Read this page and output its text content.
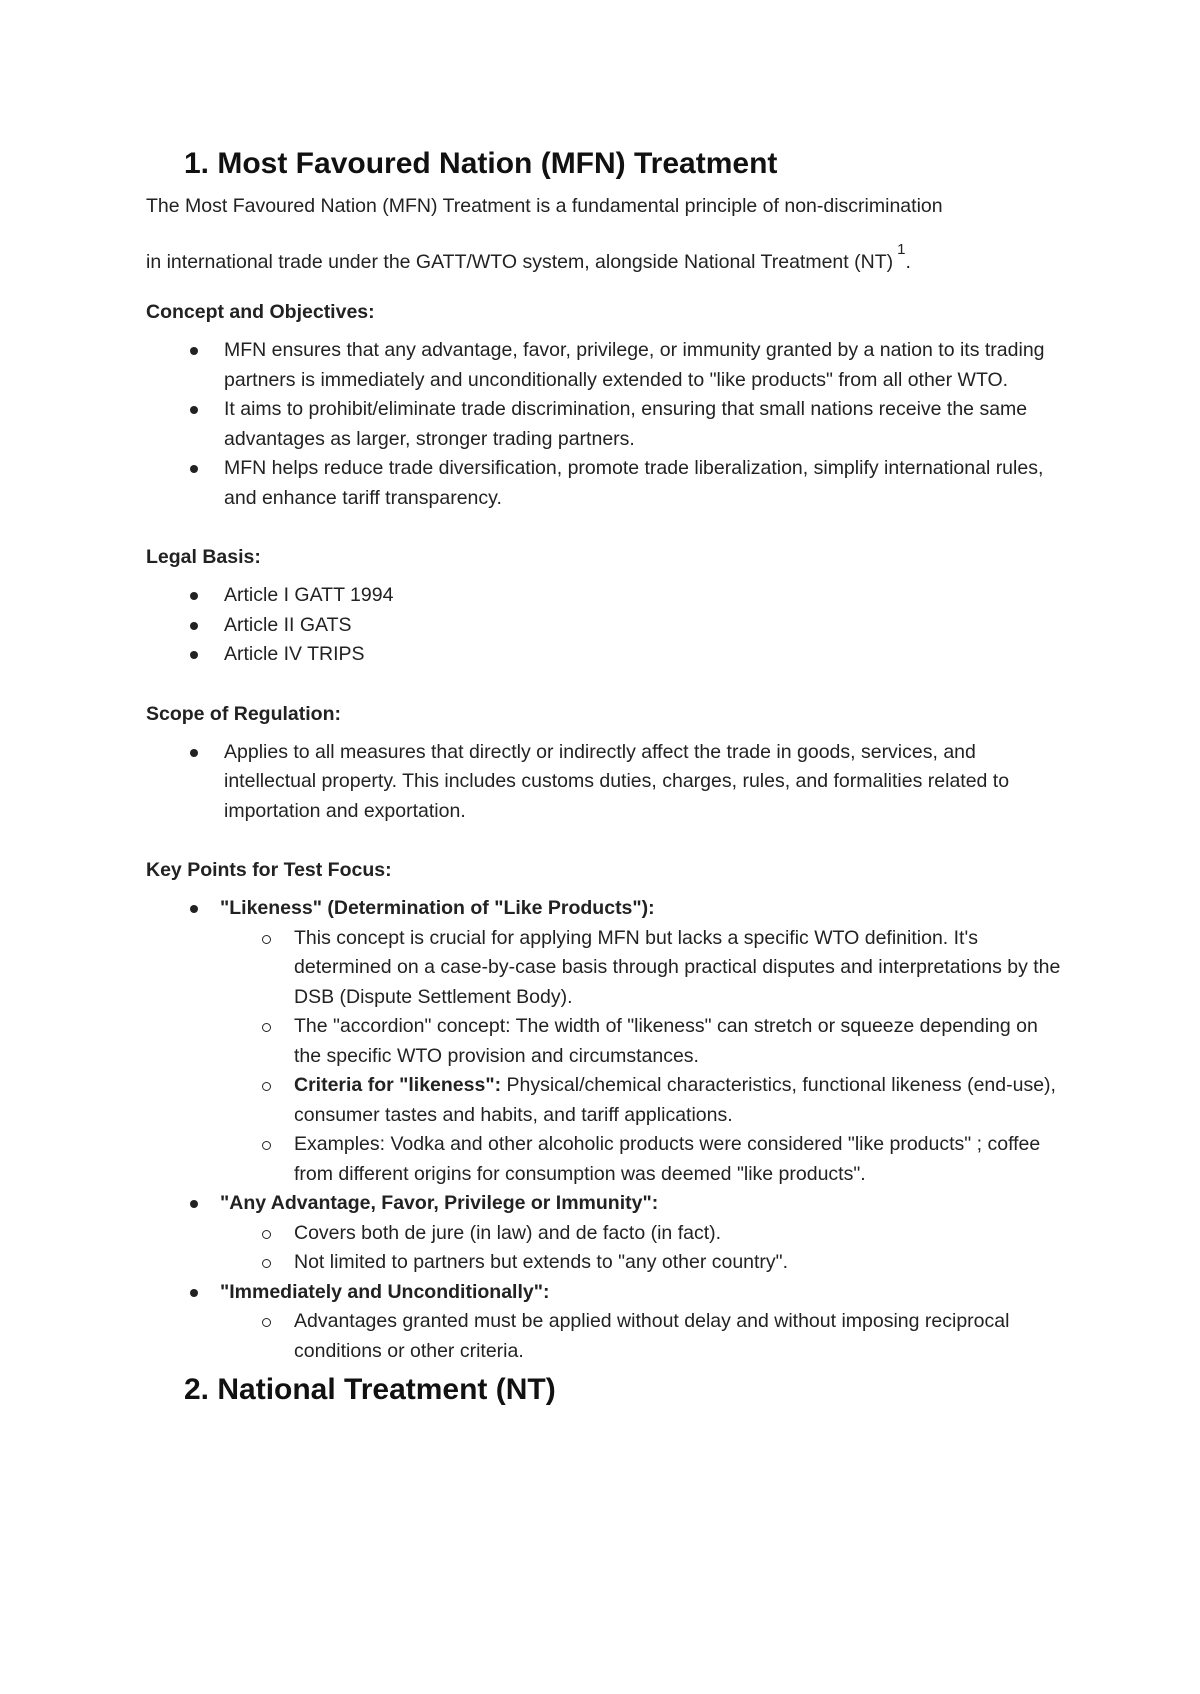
1. Most Favoured Nation (MFN) Treatment

The Most Favoured Nation (MFN) Treatment is a fundamental principle of non-discrimination
in international trade under the GATT/WTO system, alongside National Treatment (NT)$^1$.

Concept and Objectives:

MFN ensures that any advantage, favor, privilege, or immunity granted by a nation to its trading partners is immediately and unconditionally extended to "like products" from all other WTO.
It aims to prohibit/eliminate trade discrimination, ensuring that small nations receive the same advantages as larger, stronger trading partners.
MFN helps reduce trade diversification, promote trade liberalization, simplify international rules, and enhance tariff transparency.

Legal Basis:

Article I GATT 1994
Article II GATS
Article IV TRIPS

Scope of Regulation:

Applies to all measures that directly or indirectly affect the trade in goods, services, and intellectual property. This includes customs duties, charges, rules, and formalities related to importation and exportation.

Key Points for Test Focus:

"Likeness" (Determination of "Like Products"):
This concept is crucial for applying MFN but lacks a specific WTO definition. It's determined on a case-by-case basis through practical disputes and interpretations by the DSB (Dispute Settlement Body).
The "accordion" concept: The width of "likeness" can stretch or squeeze depending on the specific WTO provision and circumstances.
Criteria for "likeness": Physical/chemical characteristics, functional likeness (end-use), consumer tastes and habits, and tariff applications.
Examples: Vodka and other alcoholic products were considered "like products" ; coffee from different origins for consumption was deemed "like products".
"Any Advantage, Favor, Privilege or Immunity":
Covers both de jure (in law) and de facto (in fact).
Not limited to partners but extends to "any other country".
"Immediately and Unconditionally":
Advantages granted must be applied without delay and without imposing reciprocal conditions or other criteria.
2. National Treatment (NT)
